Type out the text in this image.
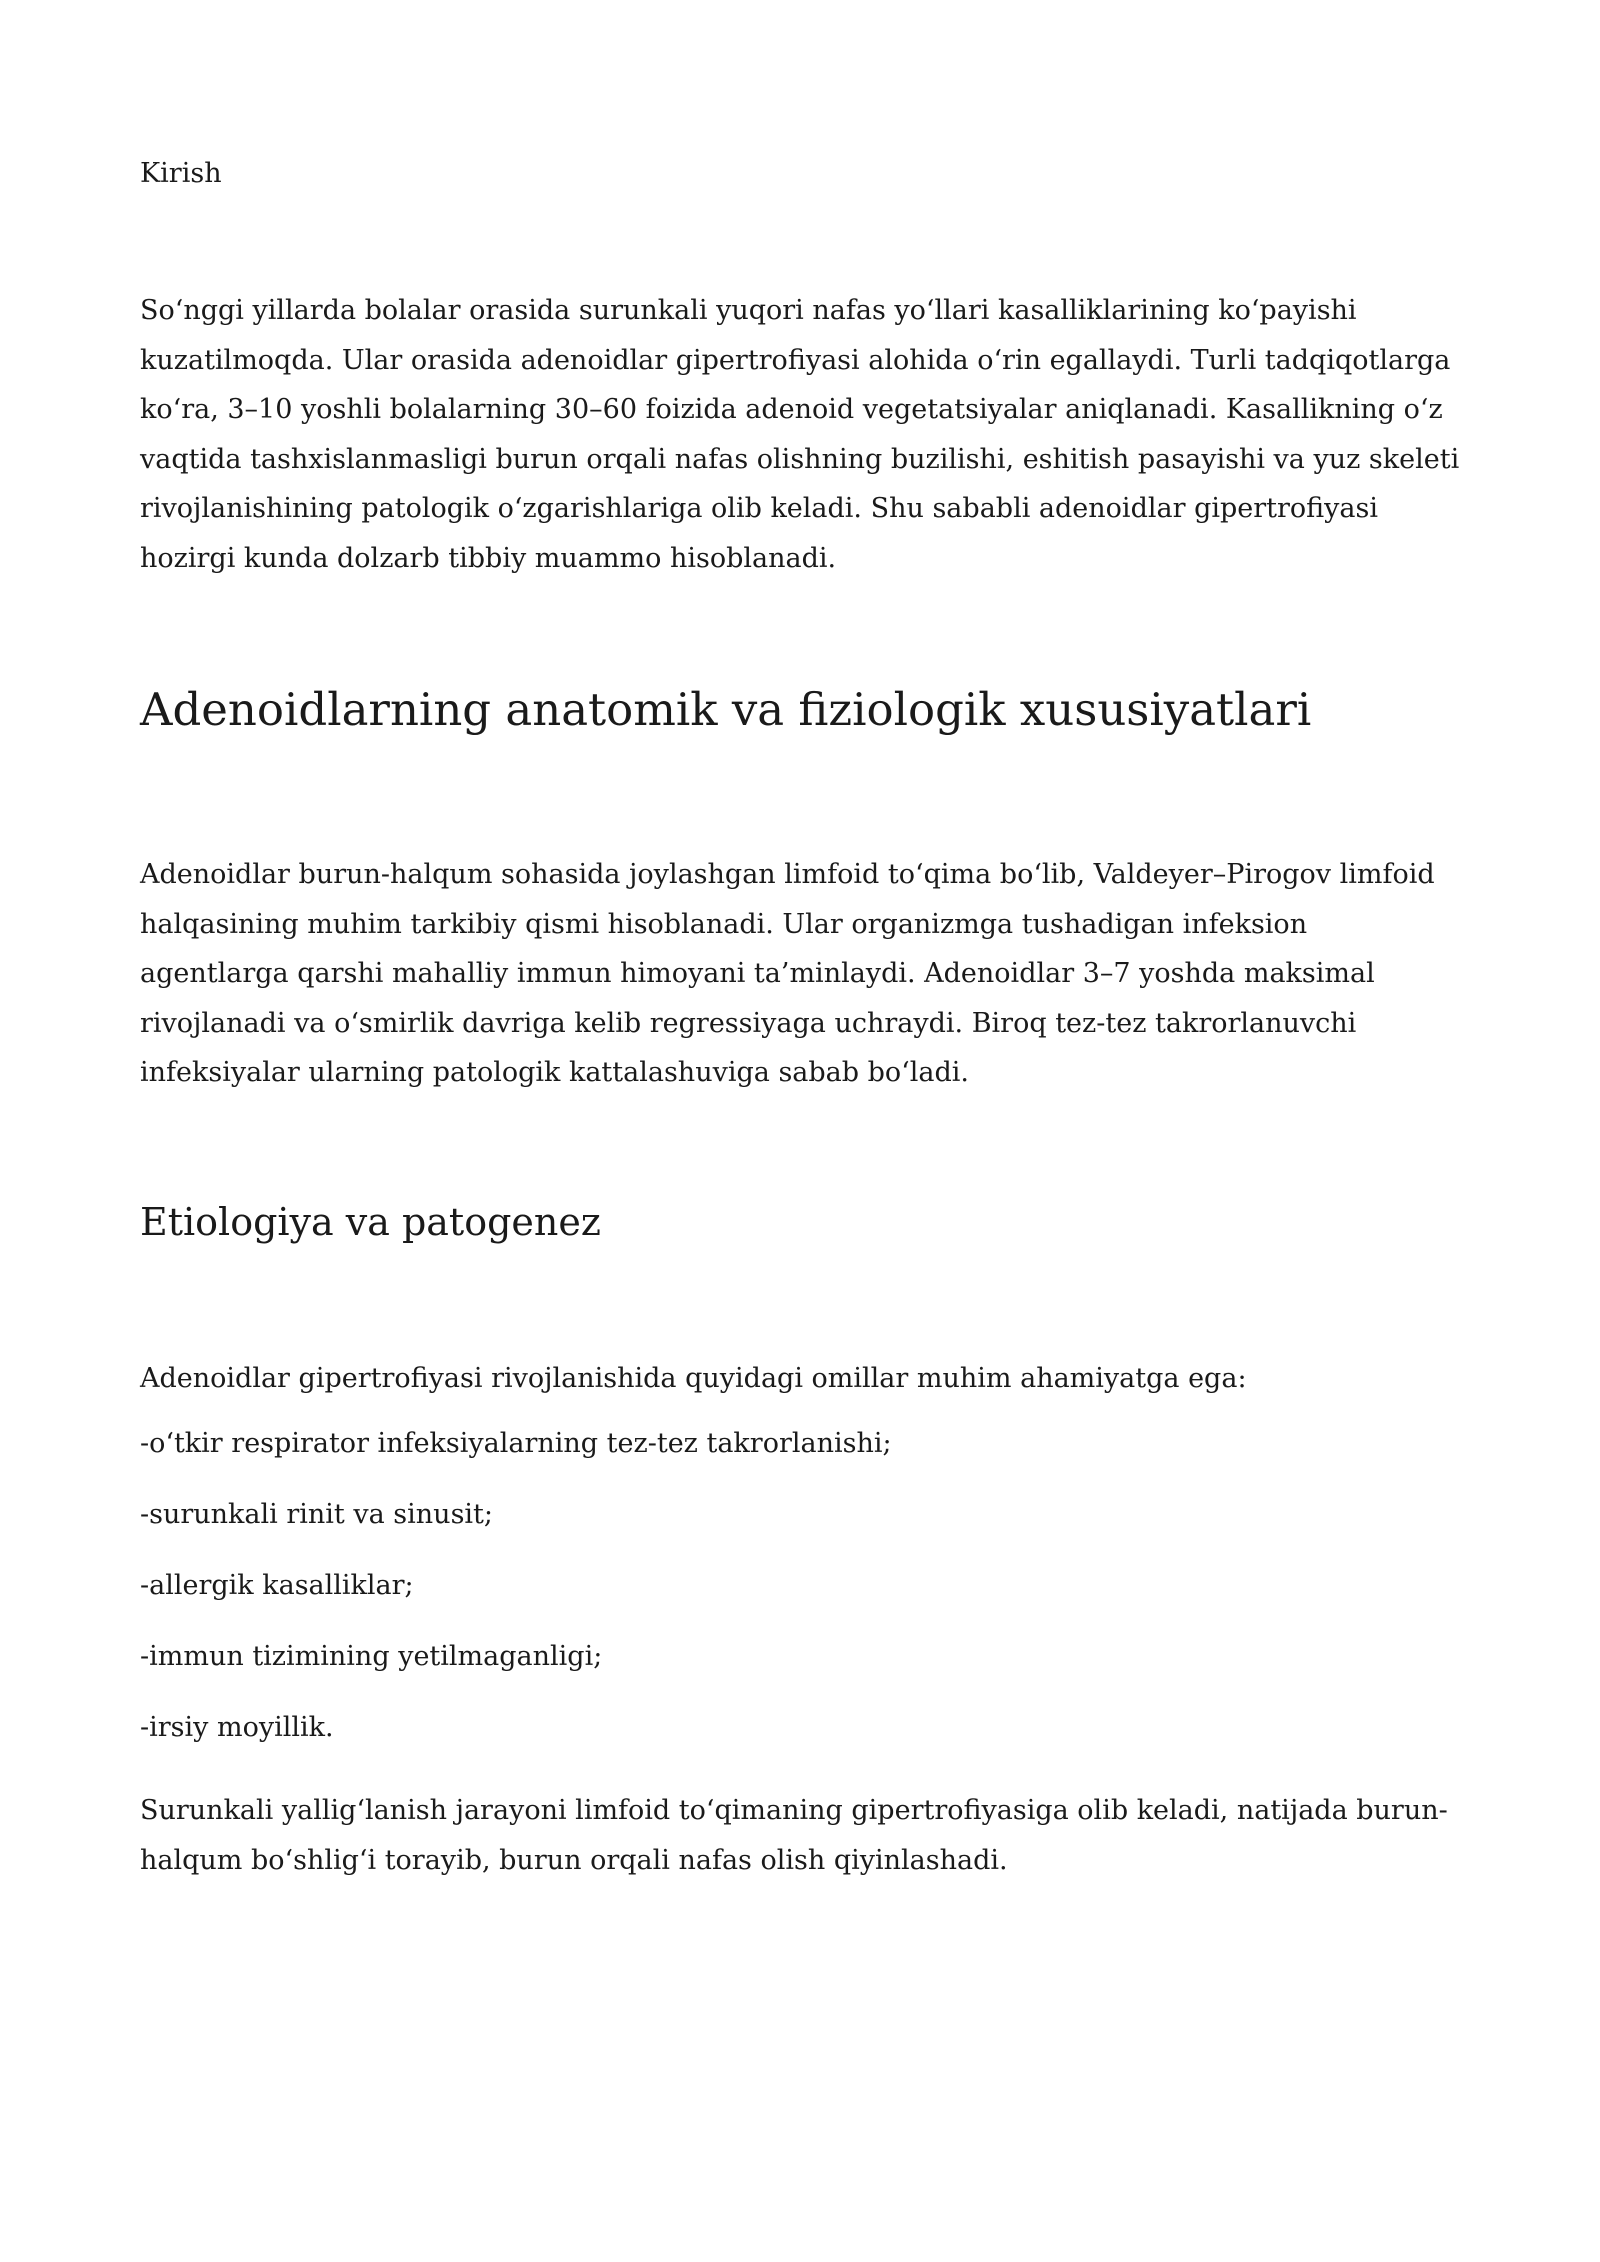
Kirish

So‘nggi yillarda bolalar orasida surunkali yuqori nafas yo‘llari kasalliklarining ko‘payishi kuzatilmoqda. Ular orasida adenoidlar gipertrofiyasi alohida o‘rin egallaydi. Turli tadqiqotlarga ko‘ra, 3–10 yoshli bolalarning 30–60 foizida adenoid vegetatsiyalar aniqlanadi. Kasallikning o‘z vaqtida tashxislanmasligi burun orqali nafas olishning buzilishi, eshitish pasayishi va yuz skeleti rivojlanishining patologik o‘zgarishlariga olib keladi. Shu sababli adenoidlar gipertrofiyasi hozirgi kunda dolzarb tibbiy muammo hisoblanadi.

Adenoidlarning anatomik va fiziologik xususiyatlari

Adenoidlar burun-halqum sohasida joylashgan limfoid to‘qima bo‘lib, Valdeyer–Pirogov limfoid halqasining muhim tarkibiy qismi hisoblanadi. Ular organizmga tushadigan infeksion agentlarga qarshi mahalliy immun himoyani ta’minlaydi. Adenoidlar 3–7 yoshda maksimal rivojlanadi va o‘smirlik davriga kelib regressiyaga uchraydi. Biroq tez-tez takrorlanuvchi infeksiyalar ularning patologik kattalashuviga sabab bo‘ladi.

Etiologiya va patogenez

Adenoidlar gipertrofiyasi rivojlanishida quyidagi omillar muhim ahamiyatga ega:

-o‘tkir respirator infeksiyalarning tez-tez takrorlanishi;
-surunkali rinit va sinusit;
-allergik kasalliklar;
-immun tizimining yetilmaganligi;
-irsiy moyillik.

Surunkali yallig‘lanish jarayoni limfoid to‘qimaning gipertrofiyasiga olib keladi, natijada burun-halqum bo‘shlig‘i torayib, burun orqali nafas olish qiyinlashadi.
